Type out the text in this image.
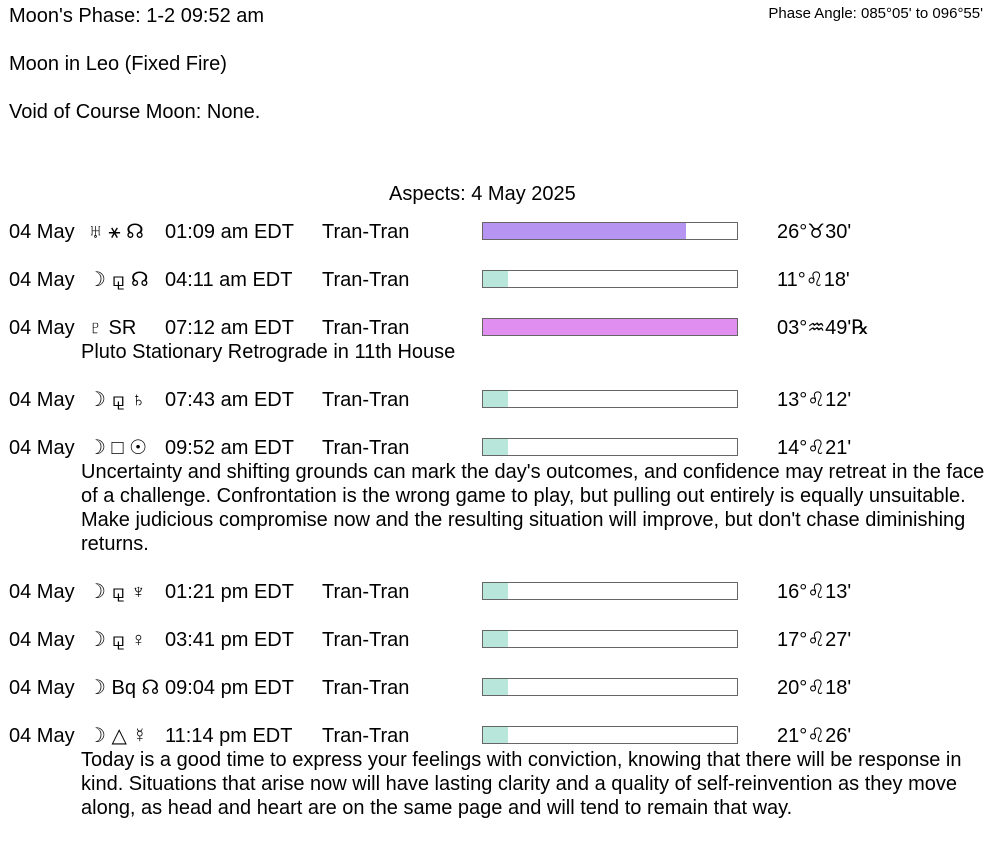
Moon's Phase: 1-2 09:52 am	Phase Angle: 085°05' to 096°55'
Moon in Leo (Fixed Fire)
Void of Course Moon: None.
Aspects: 4 May 2025
04 May ♅ ⚹ ☊ 01:09 am EDT Tran-Tran	26°♉30'
04 May ☽ ⚼ ☊ 04:11 am EDT Tran-Tran	11°♌18'
04 May ♇ SR 07:12 am EDT Tran-Tran	03°♒49'℞
Pluto Stationary Retrograde in 11th House
04 May ☽ ⚼ ♄ 07:43 am EDT Tran-Tran	13°♌12'
04 May ☽ □ ☉ 09:52 am EDT Tran-Tran	14°♌21'
Uncertainty and shifting grounds can mark the day's outcomes, and confidence may retreat in the face of a challenge. Confrontation is the wrong game to play, but pulling out entirely is equally unsuitable. Make judicious compromise now and the resulting situation will improve, but don't chase diminishing returns.
04 May ☽ ⚼ ♆ 01:21 pm EDT Tran-Tran	16°♌13'
04 May ☽ ⚼ ♀ 03:41 pm EDT Tran-Tran	17°♌27'
04 May ☽ Bq ☊ 09:04 pm EDT Tran-Tran	20°♌18'
04 May ☽ △ ☿ 11:14 pm EDT Tran-Tran	21°♌26'
Today is a good time to express your feelings with conviction, knowing that there will be response in kind. Situations that arise now will have lasting clarity and a quality of self-reinvention as they move along, as head and heart are on the same page and will tend to remain that way.
